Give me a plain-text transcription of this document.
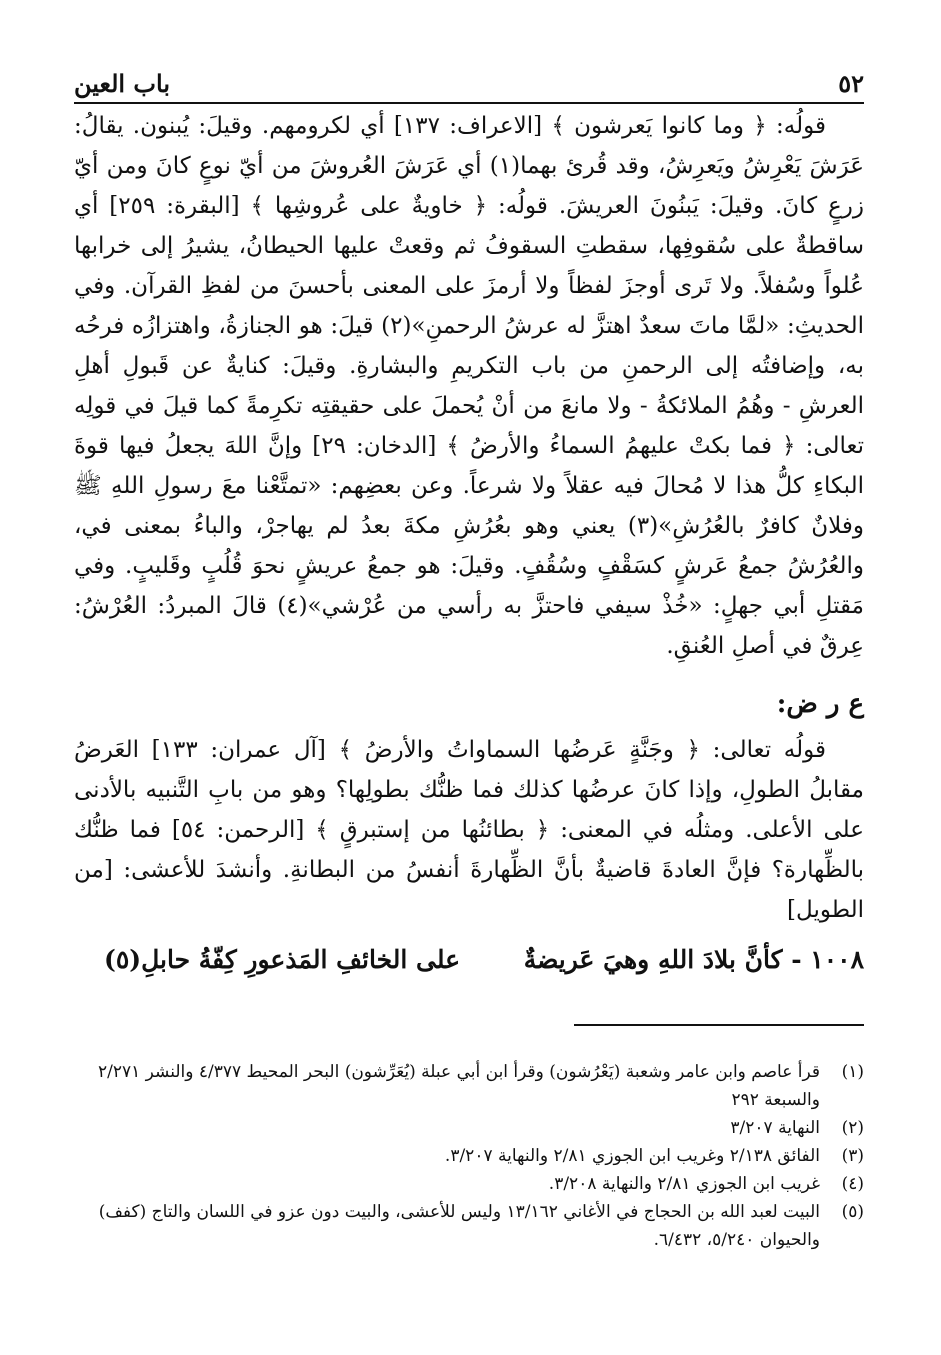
٥٢
باب العين

قولُه: ﴿ وما كانوا يَعرشون ﴾ [الاعراف: ١٣٧] أي لكرومهم. وقيلَ: يُبنون. يقالُ: عَرَشَ يَعْرِشُ ويَعرِشُ، وقد قُرئ بهما(١) أي عَرَشَ العُروشَ من أيّ نوعٍ كانَ ومن أيّ زرعٍ كانَ. وقيلَ: يَبنُونَ العريشَ. قولُه: ﴿ خاويةٌ على عُروشِها ﴾ [البقرة: ٢٥٩] أي ساقطةٌ على سُقوفِها، سقطتِ السقوفُ ثم وقعتْ عليها الحيطانُ، يشيرُ إلى خرابها عُلواً وسُفلاً. ولا تَرى أوجزَ لفظاً ولا أرمزَ على المعنى بأحسنَ من لفظِ القرآن. وفي الحديثِ: «لمَّا ماتَ سعدٌ اهتزَّ له عرشُ الرحمنِ»(٢) قيلَ: هو الجنازةُ، واهتزازُه فرحُه به، وإضافتُه إلى الرحمنِ من باب التكريمِ والبشارةِ. وقيلَ: كنايةٌ عن قَبولِ أهلِ العرشِ - وهُمُ الملائكةُ - ولا مانعَ من أنْ يُحملَ على حقيقتِه تكرِمةً كما قيلَ في قولِه تعالى: ﴿ فما بكتْ عليهمُ السماءُ والأرضُ ﴾ [الدخان: ٢٩] وإنَّ اللهَ يجعلُ فيها قوةَ البكاءِ كلُّ هذا لا مُحالَ فيه عقلاً ولا شرعاً. وعن بعضِهم: «تمتَّعْنا معَ رسولِ اللهِ ﷺ وفلانٌ كافرٌ بالعُرُشِ»(٣) يعني وهو بعُرُشِ مكةَ بعدُ لم يهاجرْ، والباءُ بمعنى في، والعُرُشُ جمعُ عَرشٍ كسَقْفٍ وسُقُفٍ. وقيلَ: هو جمعُ عريشٍ نحوَ قُلُبٍ وقَليبٍ. وفي مَقتلِ أبي جهلٍ: «خُذْ سيفي فاحتزَّ به رأسي من عُرْشي»(٤) قالَ المبردُ: العُرْشُ: عِرقٌ في أصلِ العُنقِ.

ع ر ض:

قولُه تعالى: ﴿ وجَنَّةٍ عَرضُها السماواتُ والأرضُ ﴾ [آل عمران: ١٣٣] العَرضُ مقابلُ الطولِ، وإذا كانَ عرضُها كذلك فما ظنُّك بطولِها؟ وهو من بابِ التَّنبيه بالأدنى على الأعلى. ومثلُه في المعنى: ﴿ بطائنُها من إستبرقٍ ﴾ [الرحمن: ٥٤] فما ظنُّك بالظِّهارة؟ فإنَّ العادةَ قاضيةٌ بأنَّ الظِّهارةَ أنفسُ من البطانةِ. وأنشدَ للأعشى: [من الطويل]

١٠٠٨ - كأنَّ بلادَ اللهِ وهيَ عَريضةٌ
على الخائفِ المَذعورِ كِفّةُ حابلِ(٥)
(١)
قرأ عاصم وابن عامر وشعبة (يَعْرُشون) وقرأ ابن أبي عبلة (يُعَرِّشون) البحر المحيط ٤/٣٧٧ والنشر ٢/٢٧١ والسبعة ٢٩٢
(٢)
النهاية ٣/٢٠٧
(٣)
الفائق ٢/١٣٨ وغريب ابن الجوزي ٢/٨١ والنهاية ٣/٢٠٧.
(٤)
غريب ابن الجوزي ٢/٨١ والنهاية ٣/٢٠٨.
(٥)
البيت لعبد الله بن الحجاج في الأغاني ١٣/١٦٢ وليس للأعشى، والبيت دون عزو في اللسان والتاج (كفف) والحيوان ٥/٢٤٠، ٦/٤٣٢.
